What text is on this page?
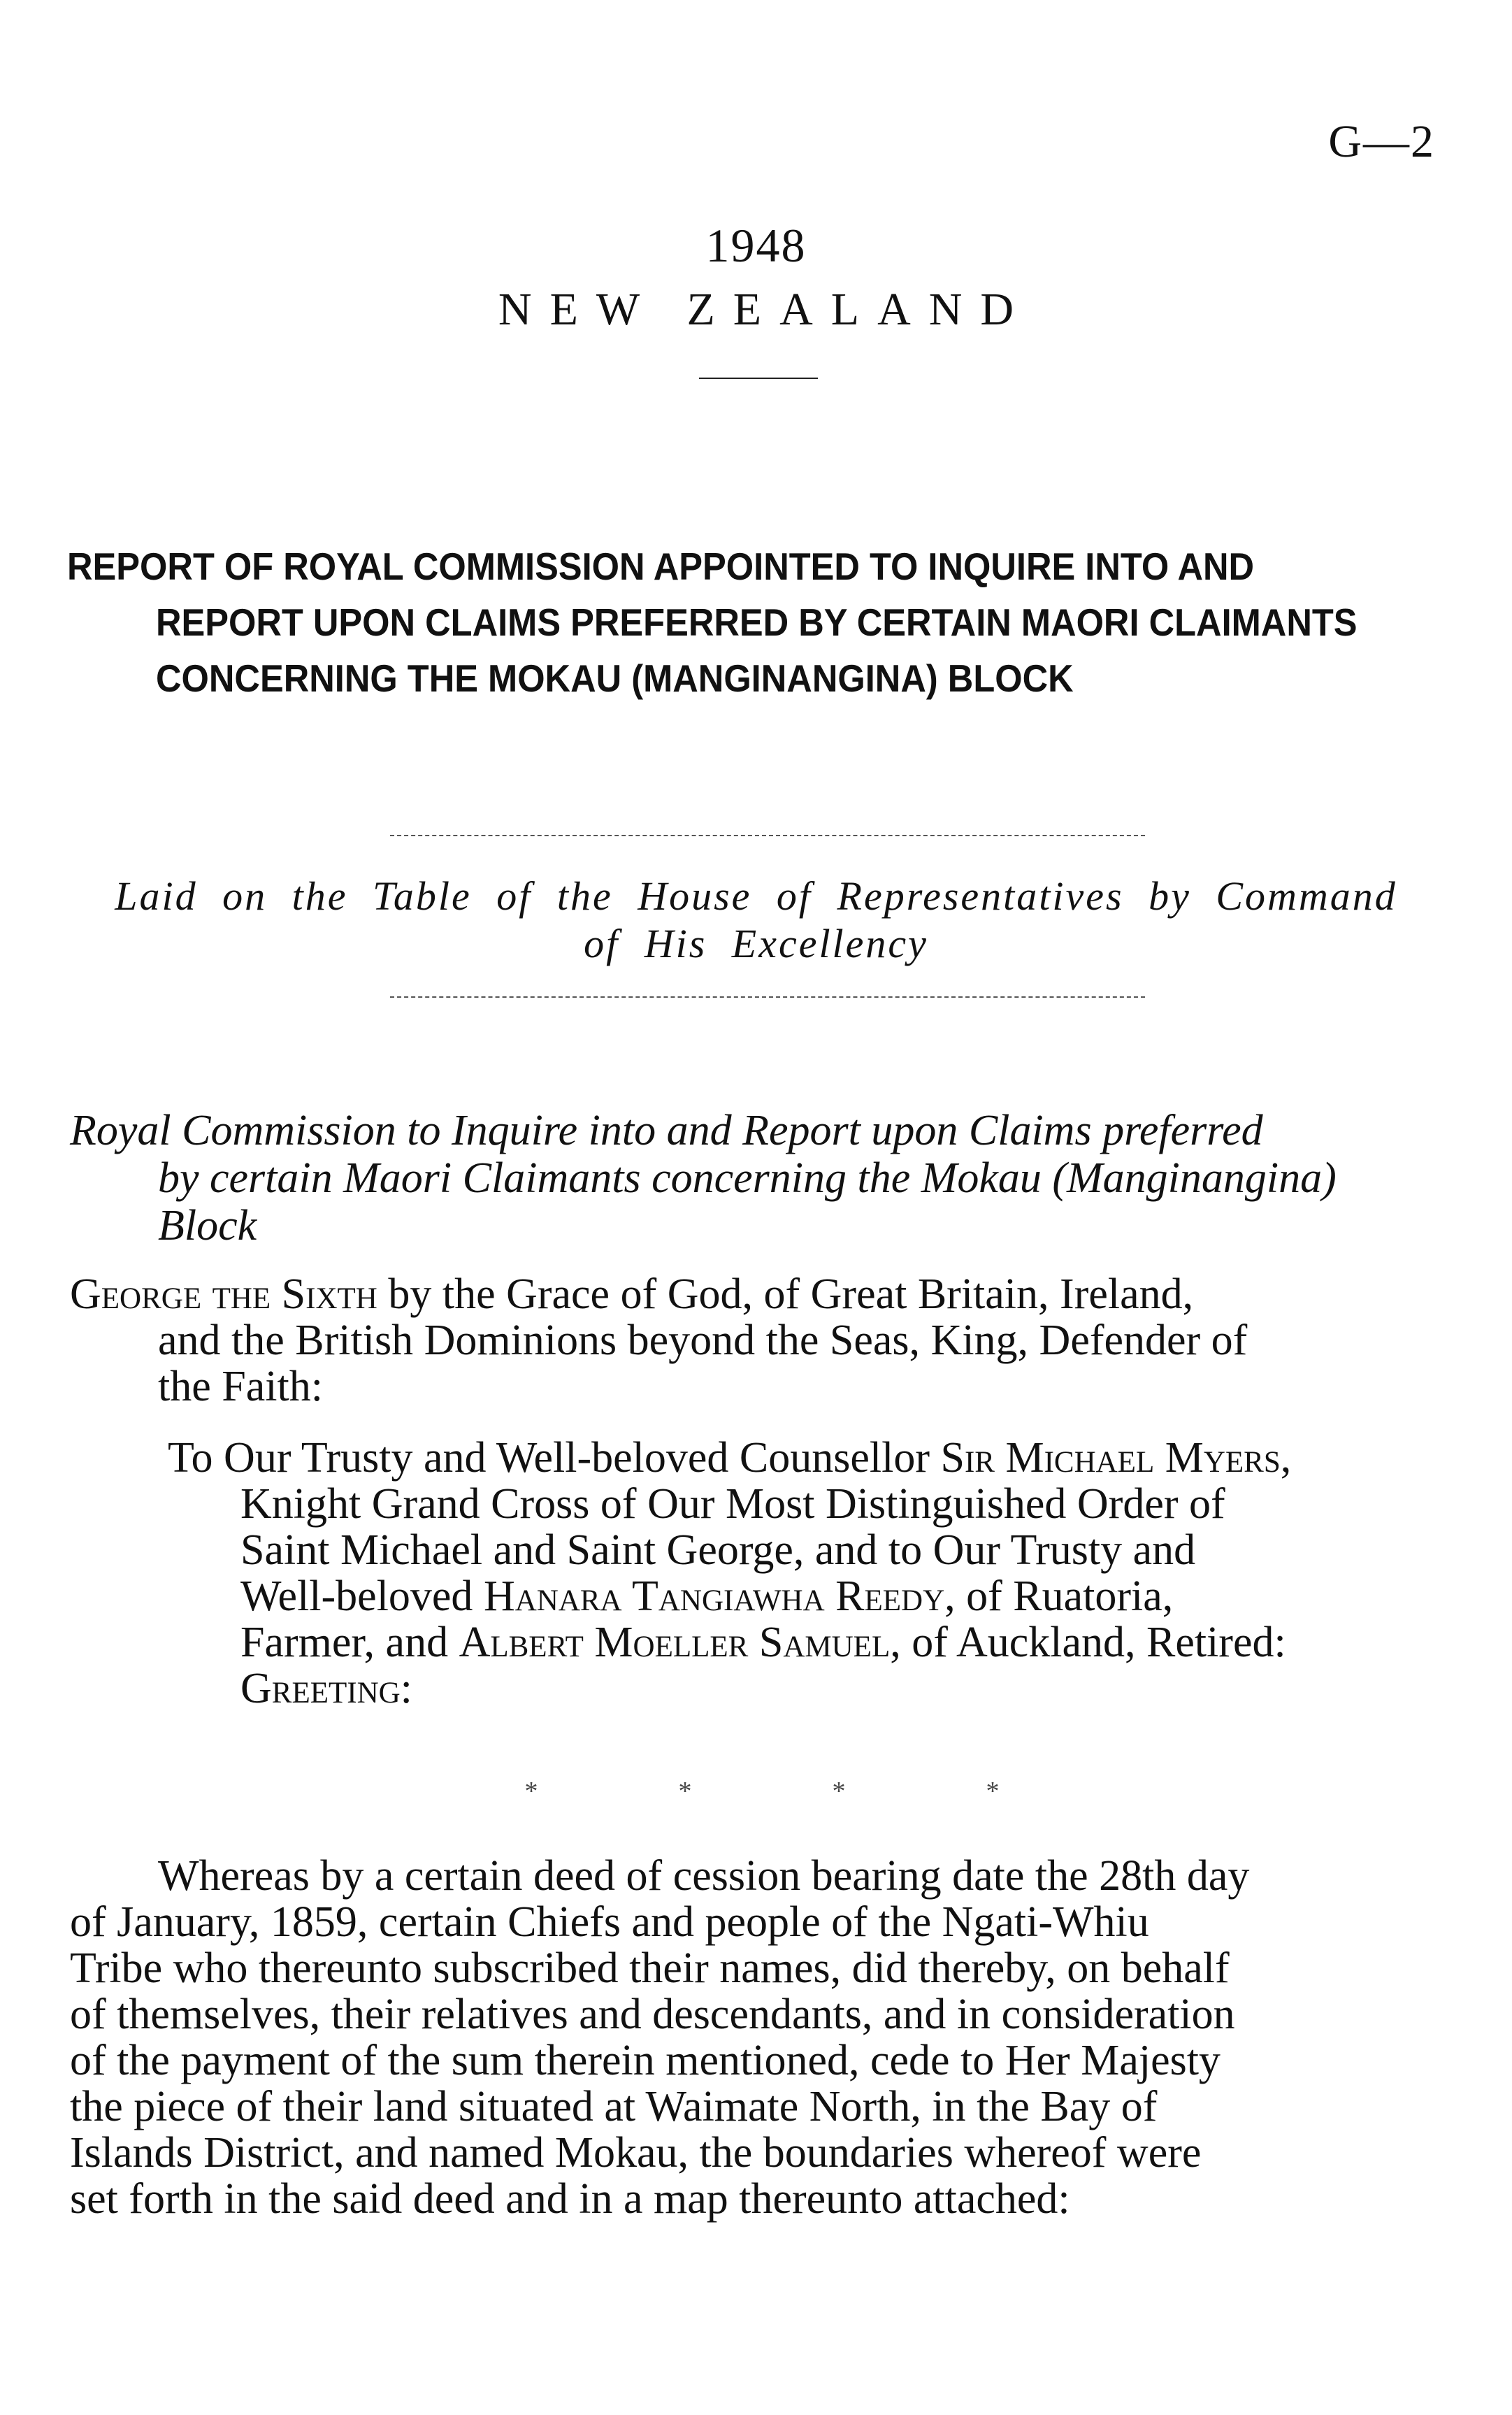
G—2
1948
NEW ZEALAND
REPORT OF ROYAL COMMISSION APPOINTED TO INQUIRE INTO AND
REPORT UPON CLAIMS PREFERRED BY CERTAIN MAORI CLAIMANTS
CONCERNING THE MOKAU (MANGINANGINA) BLOCK
Laid on the Table of the House of Representatives by Command
of His Excellency
Royal Commission to Inquire into and Report upon Claims preferred
by certain Maori Claimants concerning the Mokau (Manginangina)
Block
George the Sixth by the Grace of God, of Great Britain, Ireland,
and the British Dominions beyond the Seas, King, Defender of
the Faith:
To Our Trusty and Well-beloved Counsellor Sir Michael Myers,
Knight Grand Cross of Our Most Distinguished Order of
Saint Michael and Saint George, and to Our Trusty and
Well-beloved Hanara Tangiawha Reedy, of Ruatoria,
Farmer, and Albert Moeller Samuel, of Auckland, Retired:
Greeting:
*	*	*	*
Whereas by a certain deed of cession bearing date the 28th day
of January, 1859, certain Chiefs and people of the Ngati-Whiu
Tribe who thereunto subscribed their names, did thereby, on behalf
of themselves, their relatives and descendants, and in consideration
of the payment of the sum therein mentioned, cede to Her Majesty
the piece of their land situated at Waimate North, in the Bay of
Islands District, and named Mokau, the boundaries whereof were
set forth in the said deed and in a map thereunto attached:
